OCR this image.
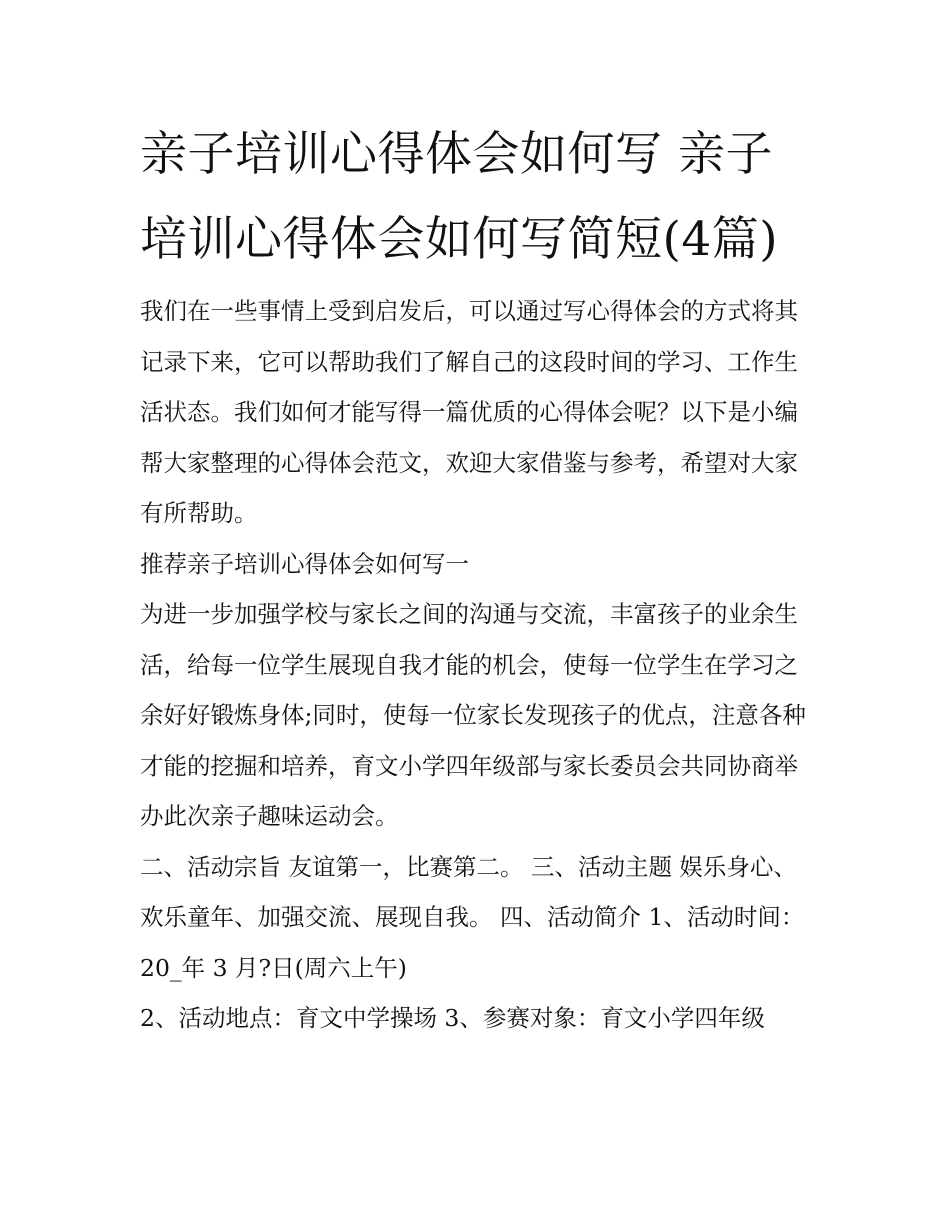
亲子培训心得体会如何写 亲子培训心得体会如何写简短(4篇)

我们在一些事情上受到启发后，可以通过写心得体会的方式将其记录下来，它可以帮助我们了解自己的这段时间的学习、工作生活状态。我们如何才能写得一篇优质的心得体会呢？以下是小编帮大家整理的心得体会范文，欢迎大家借鉴与参考，希望对大家有所帮助。

推荐亲子培训心得体会如何写一

为进一步加强学校与家长之间的沟通与交流，丰富孩子的业余生活，给每一位学生展现自我才能的机会，使每一位学生在学习之余好好锻炼身体;同时，使每一位家长发现孩子的优点，注意各种才能的挖掘和培养，育文小学四年级部与家长委员会共同协商举办此次亲子趣味运动会。

二、活动宗旨 友谊第一，比赛第二。 三、活动主题 娱乐身心、欢乐童年、加强交流、展现自我。 四、活动简介 1、活动时间：20_年 3 月?日(周六上午)

2、活动地点：育文中学操场 3、参赛对象：育文小学四年级
